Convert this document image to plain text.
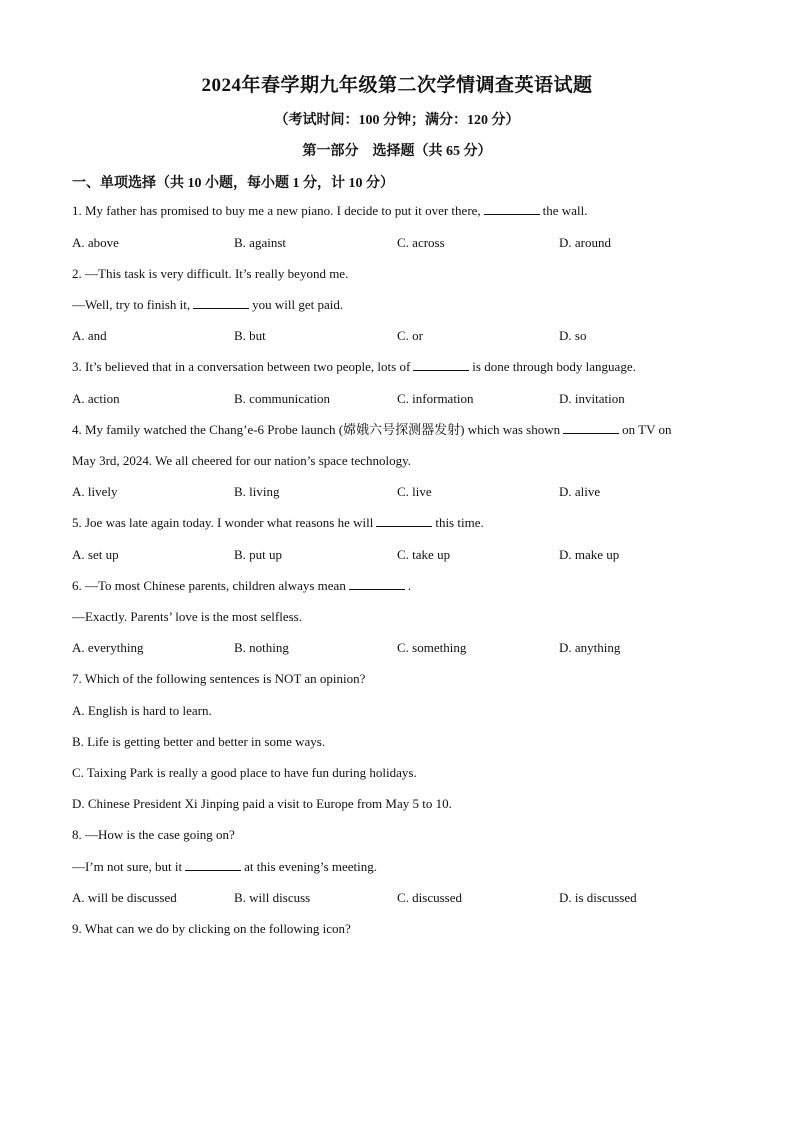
2024年春学期九年级第二次学情调查英语试题
（考试时间：100 分钟；满分：120 分）
第一部分　选择题（共 65 分）
一、单项选择（共 10 小题，每小题 1 分，计 10 分）
1. My father has promised to buy me a new piano. I decide to put it over there,	the wall.
A. above	B. against	C. across	D. around
2. —This task is very difficult. It’s really beyond me.
—Well, try to finish it,	you will get paid.
A. and	B. but	C. or	D. so
3. It’s believed that in a conversation between two people, lots of	is done through body language.
A. action	B. communication	C. information	D. invitation
4. My family watched the Chang’e-6 Probe launch (嫦娥六号探测器发射) which was shown	on TV on
May 3rd, 2024. We all cheered for our nation’s space technology.
A. lively	B. living	C. live	D. alive
5. Joe was late again today. I wonder what reasons he will	this time.
A. set up	B. put up	C. take up	D. make up
6. —To most Chinese parents, children always mean	.
—Exactly. Parents’ love is the most selfless.
A. everything	B. nothing	C. something	D. anything
7. Which of the following sentences is NOT an opinion?
A. English is hard to learn.
B. Life is getting better and better in some ways.
C. Taixing Park is really a good place to have fun during holidays.
D. Chinese President Xi Jinping paid a visit to Europe from May 5 to 10.
8. —How is the case going on?
—I’m not sure, but it	at this evening’s meeting.
A. will be discussed	B. will discuss	C. discussed	D. is discussed
9. What can we do by clicking on the following icon?
